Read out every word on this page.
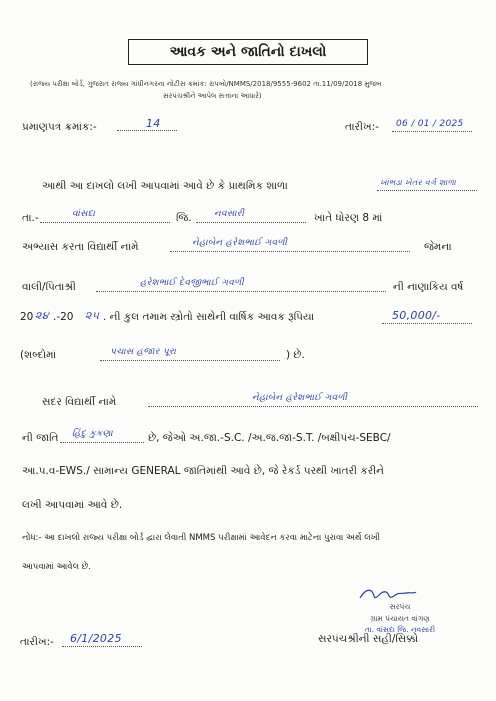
આવક અને જાતિનો દાખલો
(રાજ્ય પરીક્ષા બોર્ડ, ગુજરાત રાજ્ય ગાંધીનગરના નોટીસ ક્રમાંક: રાપબો/NMMS/2018/9555-9602 તા.11/09/2018 મુજબ
સરપંચશ્રીને આપેલ સત્તાના આધારે)
પ્રમાણપત્ર ક્રમાંક:-	14	તારીખ:- 06 / 01 / 2025
આથી આ દાખલો લખી આપવામાં આવે છે કે પ્રાથમિક શાળા	ખાંભડા ખેતર વર્ગ શાળા
તા.-	વાંસદા	જિ. નવસારી	ખાતે ધોરણ 8 માં
અભ્યાસ કરતા વિદ્યાર્થી નામે	નેહાબેન હરેશભાઈ ગવળી	જેમના
વાલી/પિતાશ્રી	હરેશભાઈ દેવજીભાઈ ગવળી	ની નાણાકિય વર્ષ
20 ૨૪ .-20 ૨૫ . ની કુલ તમામ સ્ત્રોતો સાથેની વાર્ષિક આવક રૂપિયા	50,000/-
(શબ્દોમાં	પચાસ હજાર પૂરા	) છે.
સદર વિદ્યાર્થી નામે	નેહાબેન હરેશભાઈ ગવળી
ની જાતિ હિંદુ કુકણા	છે, જેઓ અ.જા.-S.C. /અ.જ.જા-S.T. /બક્ષીપંચ-SEBC/
આ.પ.વ-EWS./ સામાન્ય GENERAL જાતિમાંથી આવે છે, જે રેકર્ડ પરથી ખાતરી કરીને
લખી આપવામાં આવે છે.
નોંધ:- આ દાખલો રાજ્ય પરીક્ષા બોર્ડ દ્વારા લેવાતી NMMS પરીક્ષામાં આવેદન કરવા માટેના પુરાવા અર્થે લખી
આપવામાં આવેલ છે.
તારીખ:- 6/1/2025
સરપંચ
ગ્રામ પંચાયત વાંગણ
તા. વાંસદા જિ. નવસારી
સરપંચશ્રીની સહી/સિક્કો
